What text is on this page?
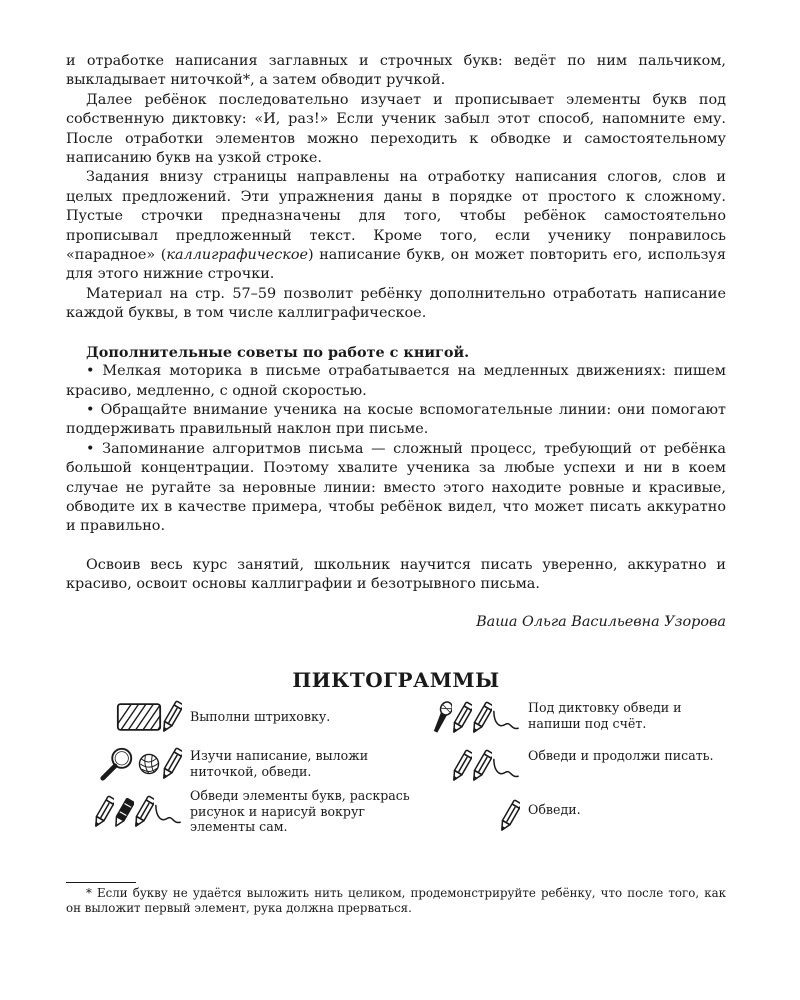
и отработке написания заглавных и строчных букв: ведёт по ним пальчиком, выкладывает ниточкой*, а затем обводит ручкой.

Далее ребёнок последовательно изучает и прописывает элементы букв под собственную диктовку: «И, раз!» Если ученик забыл этот способ, напомните ему. После отработки элементов можно переходить к обводке и самостоятельному написанию букв на узкой строке.

Задания внизу страницы направлены на отработку написания слогов, слов и целых предложений. Эти упражнения даны в порядке от простого к сложному. Пустые строчки предназначены для того, чтобы ребёнок самостоятельно прописывал предложенный текст. Кроме того, если ученику понравилось «парадное» (каллиграфическое) написание букв, он может повторить его, используя для этого нижние строчки.

Материал на стр. 57–59 позволит ребёнку дополнительно отработать написание каждой буквы, в том числе каллиграфическое.

Дополнительные советы по работе с книгой.

• Мелкая моторика в письме отрабатывается на медленных движениях: пишем красиво, медленно, с одной скоростью.

• Обращайте внимание ученика на косые вспомогательные линии: они помогают поддерживать правильный наклон при письме.

• Запоминание алгоритмов письма — сложный процесс, требующий от ребёнка большой концентрации. Поэтому хвалите ученика за любые успехи и ни в коем случае не ругайте за неровные линии: вместо этого находите ровные и красивые, обводите их в качестве примера, чтобы ребёнок видел, что может писать аккуратно и правильно.

Освоив весь курс занятий, школьник научится писать уверенно, аккуратно и красиво, освоит основы каллиграфии и безотрывного письма.

Ваша Ольга Васильевна Узорова

ПИКТОГРАММЫ
Выполни штриховку.
Изучи написание, выложи ниточкой, обведи.
Обведи элементы букв, раскрась рисунок и нарисуй вокруг элементы сам.
Под диктовку обведи и напиши под счёт.
Обведи и продолжи писать.
Обведи.

* Если букву не удаётся выложить нить целиком, продемонстрируйте ребёнку, что после того, как он выложит первый элемент, рука должна прерваться.
